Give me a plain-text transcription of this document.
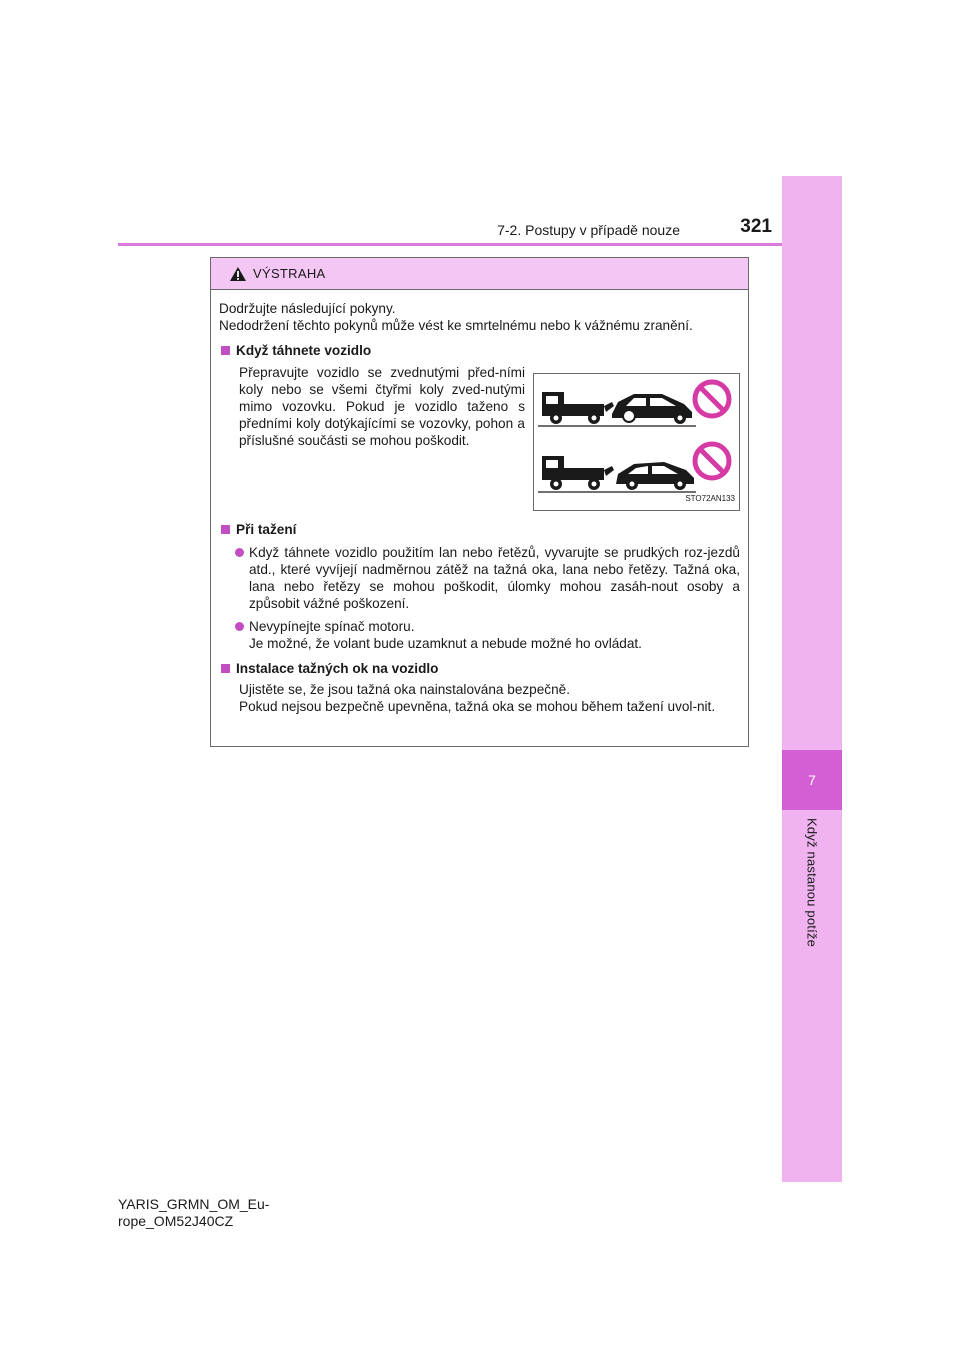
7
Když nastanou potíže
7-2. Postupy v případě nouze	321
VÝSTRAHA

Dodržujte následující pokyny.

Nedodržení těchto pokynů může vést ke smrtelnému nebo k vážnému zranění.

Když táhnete vozidlo

Přepravujte vozidlo se zvednutými před-ními koly nebo se všemi čtyřmi koly zved-nutými mimo vozovku. Pokud je vozidlo taženo s předními koly dotýkajícími se vozovky, pohon a příslušné součásti se mohou poškodit.

STO72AN133
Při tažení
Když táhnete vozidlo použitím lan nebo řetězů, vyvarujte se prudkých roz-jezdů atd., které vyvíjejí nadměrnou zátěž na tažná oka, lana nebo řetězy. Tažná oka, lana nebo řetězy se mohou poškodit, úlomky mohou zasáh-nout osoby a způsobit vážné poškození.
Nevypínejte spínač motoru.
Je možné, že volant bude uzamknut a nebude možné ho ovládat.
Instalace tažných ok na vozidlo

Ujistěte se, že jsou tažná oka nainstalována bezpečně.

Pokud nejsou bezpečně upevněna, tažná oka se mohou během tažení uvol-nit.

YARIS_GRMN_OM_Eu-
rope_OM52J40CZ
